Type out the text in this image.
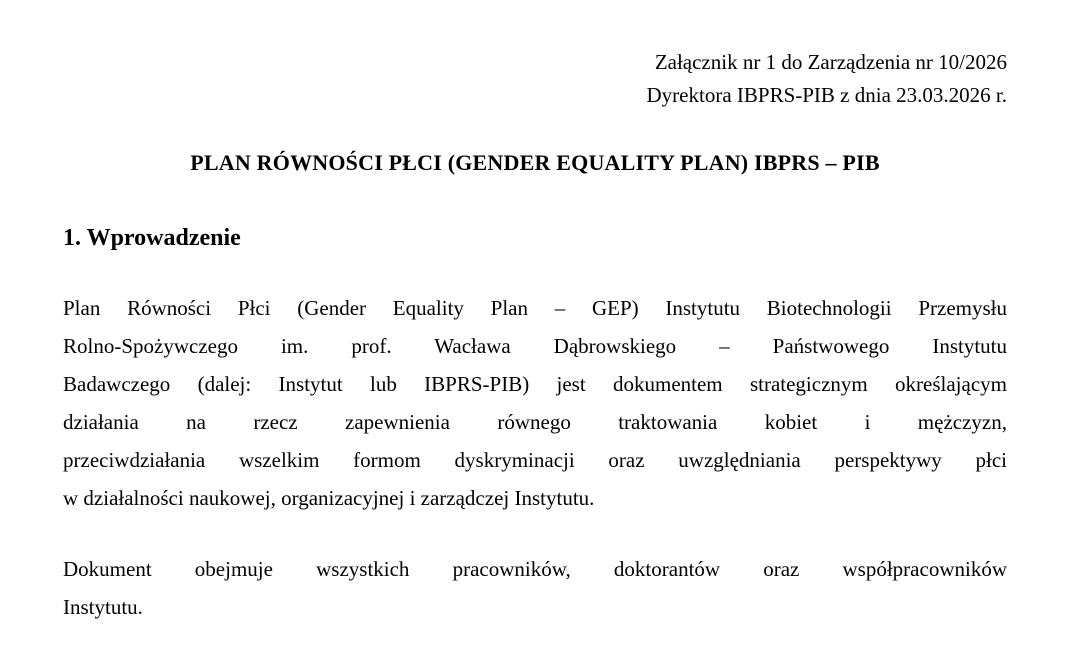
Załącznik nr 1 do Zarządzenia nr 10/2026
Dyrektora IBPRS-PIB z dnia 23.03.2026 r.
PLAN RÓWNOŚCI PŁCI (GENDER EQUALITY PLAN) IBPRS – PIB
1. Wprowadzenie
Plan Równości Płci (Gender Equality Plan – GEP) Instytutu Biotechnologii Przemysłu
Rolno-Spożywczego im. prof. Wacława Dąbrowskiego – Państwowego Instytutu
Badawczego (dalej: Instytut lub IBPRS-PIB) jest dokumentem strategicznym określającym
działania na rzecz zapewnienia równego traktowania kobiet i mężczyzn,
przeciwdziałania wszelkim formom dyskryminacji oraz uwzględniania perspektywy płci
w działalności naukowej, organizacyjnej i zarządczej Instytutu.
Dokument obejmuje wszystkich pracowników, doktorantów oraz współpracowników
Instytutu.
